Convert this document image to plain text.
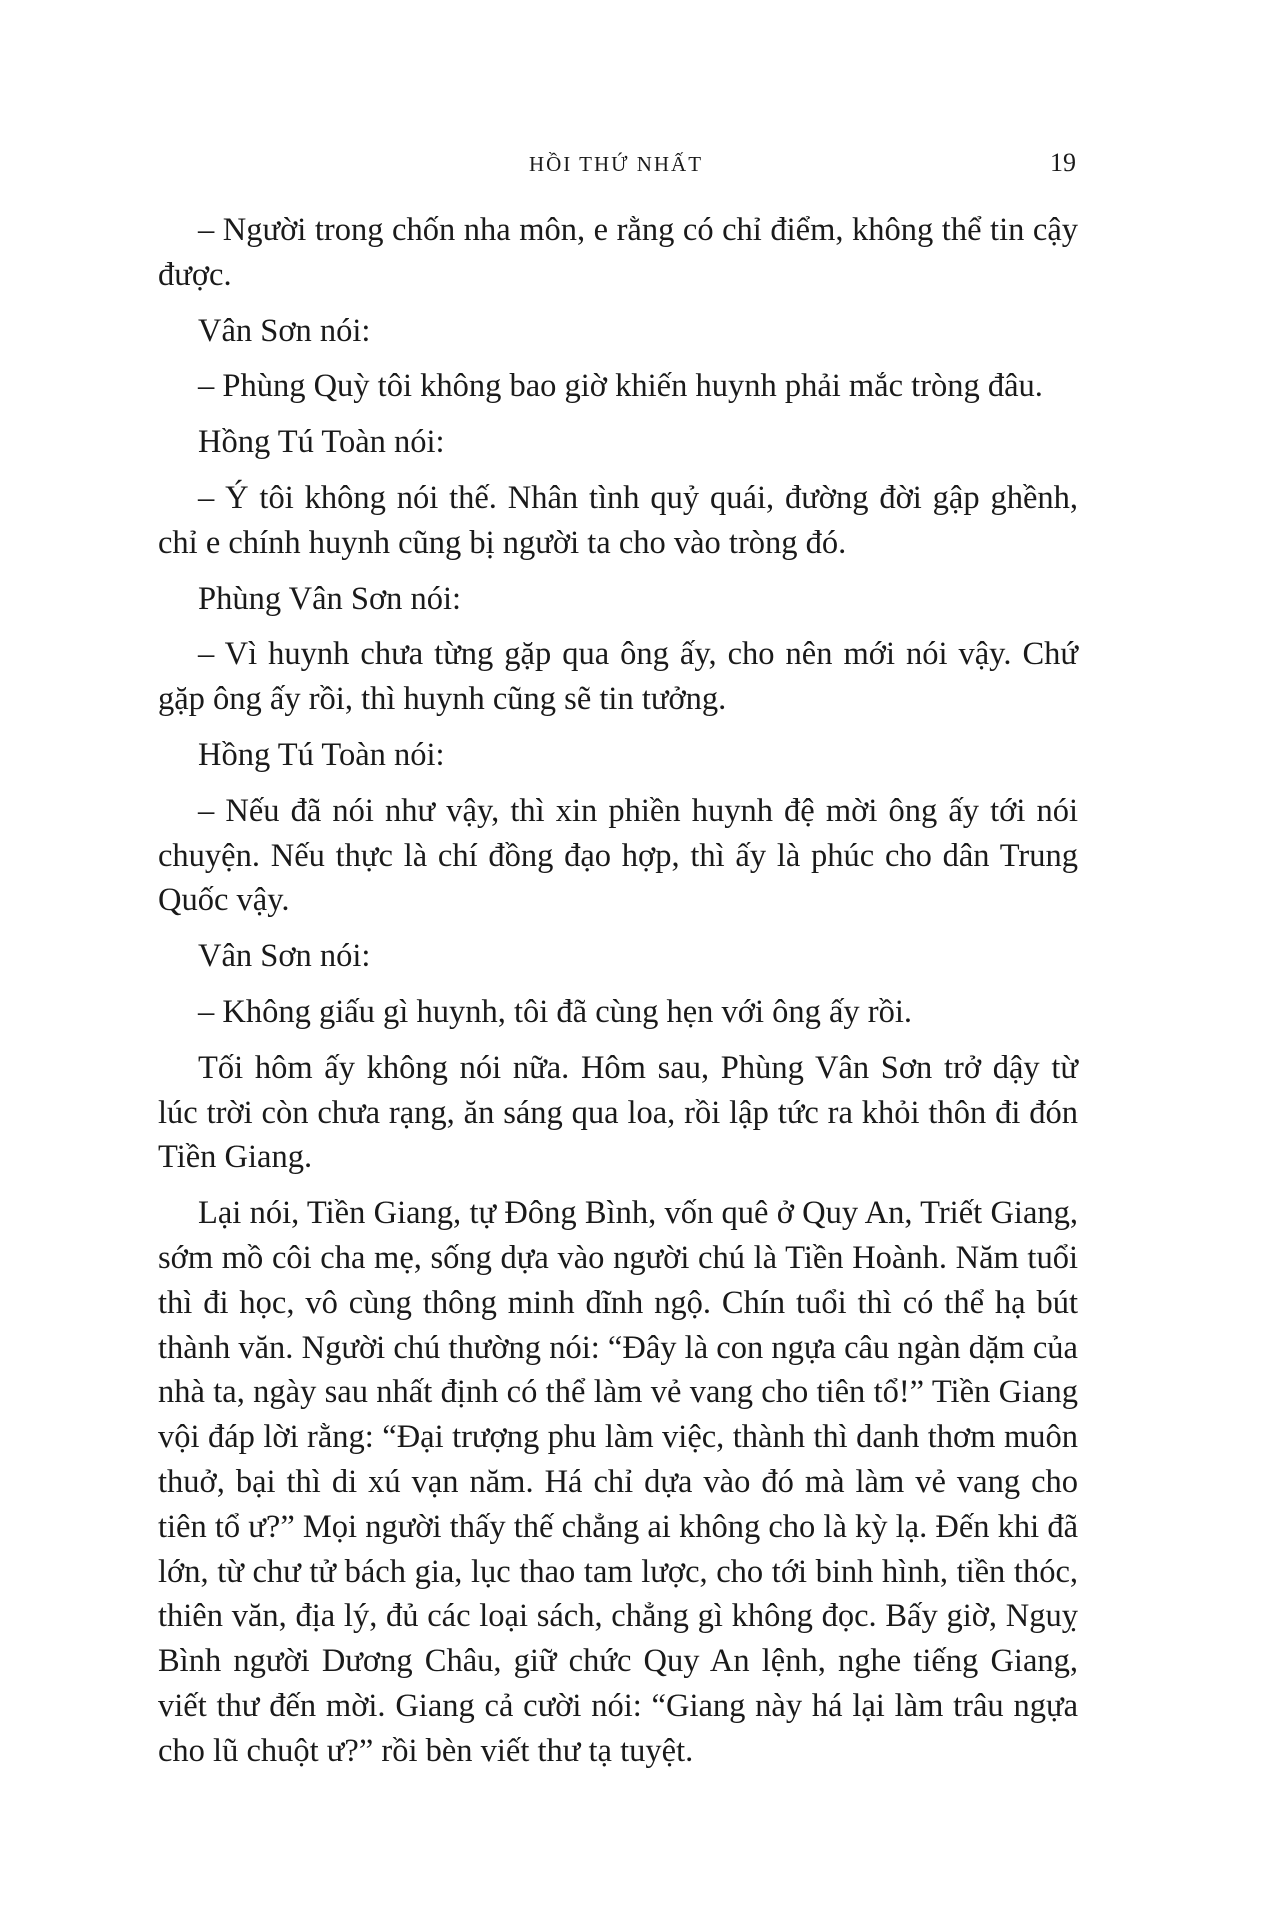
HỒI THỨ NHẤT	19

– Người trong chốn nha môn, e rằng có chỉ điểm, không thể tin cậy được.

Vân Sơn nói:

– Phùng Quỳ tôi không bao giờ khiến huynh phải mắc tròng đâu.

Hồng Tú Toàn nói:

– Ý tôi không nói thế. Nhân tình quỷ quái, đường đời gập ghềnh, chỉ e chính huynh cũng bị người ta cho vào tròng đó.

Phùng Vân Sơn nói:

– Vì huynh chưa từng gặp qua ông ấy, cho nên mới nói vậy. Chứ gặp ông ấy rồi, thì huynh cũng sẽ tin tưởng.

Hồng Tú Toàn nói:

– Nếu đã nói như vậy, thì xin phiền huynh đệ mời ông ấy tới nói chuyện. Nếu thực là chí đồng đạo hợp, thì ấy là phúc cho dân Trung Quốc vậy.

Vân Sơn nói:

– Không giấu gì huynh, tôi đã cùng hẹn với ông ấy rồi.

Tối hôm ấy không nói nữa. Hôm sau, Phùng Vân Sơn trở dậy từ lúc trời còn chưa rạng, ăn sáng qua loa, rồi lập tức ra khỏi thôn đi đón Tiền Giang.

Lại nói, Tiền Giang, tự Đông Bình, vốn quê ở Quy An, Triết Giang, sớm mồ côi cha mẹ, sống dựa vào người chú là Tiền Hoành. Năm tuổi thì đi học, vô cùng thông minh dĩnh ngộ. Chín tuổi thì có thể hạ bút thành văn. Người chú thường nói: “Đây là con ngựa câu ngàn dặm của nhà ta, ngày sau nhất định có thể làm vẻ vang cho tiên tổ!” Tiền Giang vội đáp lời rằng: “Đại trượng phu làm việc, thành thì danh thơm muôn thuở, bại thì di xú vạn năm. Há chỉ dựa vào đó mà làm vẻ vang cho tiên tổ ư?” Mọi người thấy thế chẳng ai không cho là kỳ lạ. Đến khi đã lớn, từ chư tử bách gia, lục thao tam lược, cho tới binh hình, tiền thóc, thiên văn, địa lý, đủ các loại sách, chẳng gì không đọc. Bấy giờ, Nguỵ Bình người Dương Châu, giữ chức Quy An lệnh, nghe tiếng Giang, viết thư đến mời. Giang cả cười nói: “Giang này há lại làm trâu ngựa cho lũ chuột ư?” rồi bèn viết thư tạ tuyệt.
